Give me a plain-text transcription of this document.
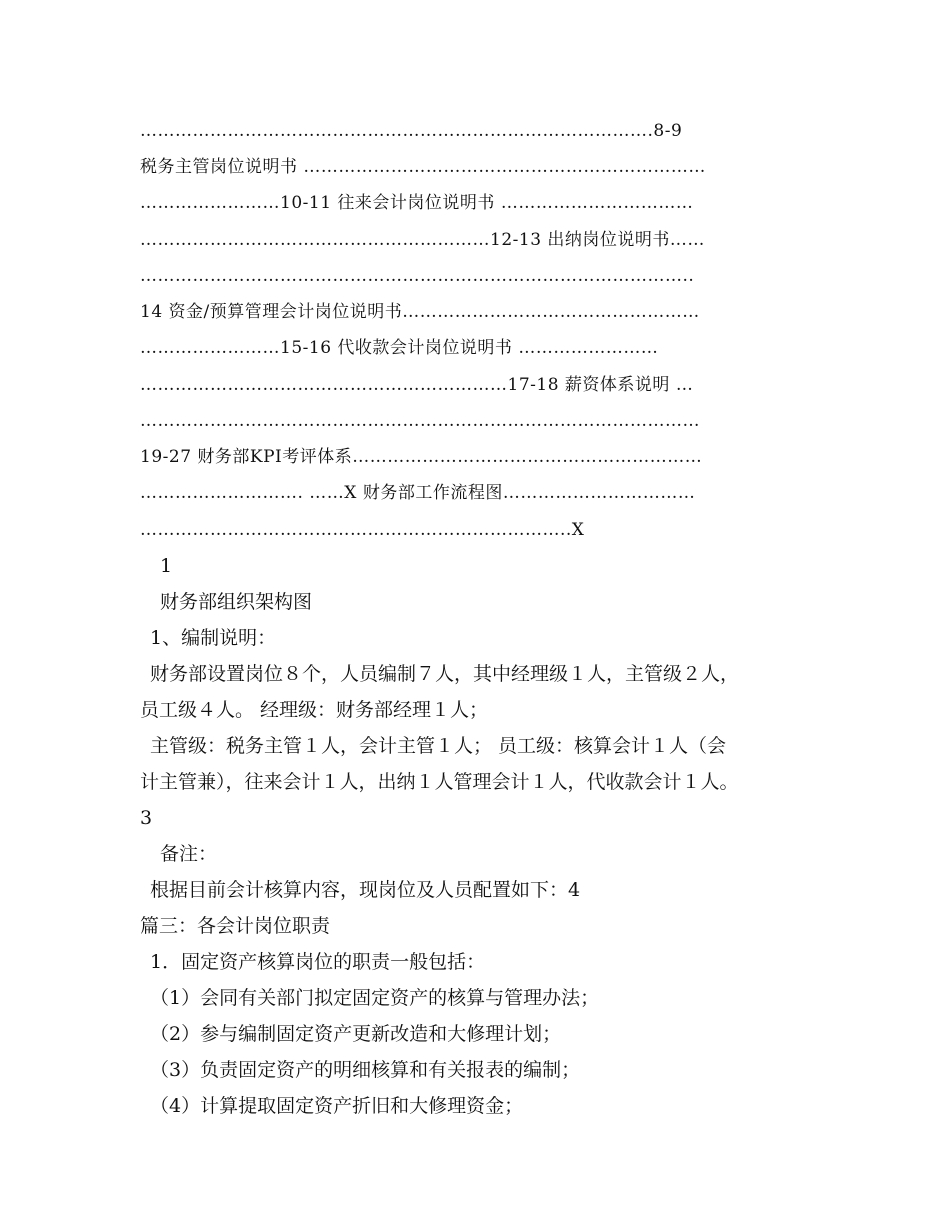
…………………………………………………………………………….8-9
税务主管岗位说明书 ……………………………………………………………
……………………10-11 往来会计岗位说明书 ……………………………
……………………………………………………12-13 出纳岗位说明书……
…………………………………………………………………………………..
14 资金/预算管理会计岗位说明书……………………………………………
……………………15-16 代收款会计岗位说明书 ……………………
………………………………………………………17-18 薪资体系说明 …
……………………………………………………………………………………
19-27 财务部KPI考评体系……………………………………………………
………………………. ……X 财务部工作流程图……………………………
………………………………………………………………..X
1
财务部组织架构图
1、编制说明：
财务部设置岗位８个，人员编制７人，其中经理级１人，主管级２人，
员工级４人。 经理级：财务部经理１人；
主管级：税务主管１人，会计主管１人； 员工级：核算会计１人（会
计主管兼），往来会计１人，出纳１人管理会计１人，代收款会计１人。
3
备注：
根据目前会计核算内容，现岗位及人员配置如下：4
篇三：各会计岗位职责
1．固定资产核算岗位的职责一般包括：
（1）会同有关部门拟定固定资产的核算与管理办法；
（2）参与编制固定资产更新改造和大修理计划；
（3）负责固定资产的明细核算和有关报表的编制；
（4）计算提取固定资产折旧和大修理资金；
